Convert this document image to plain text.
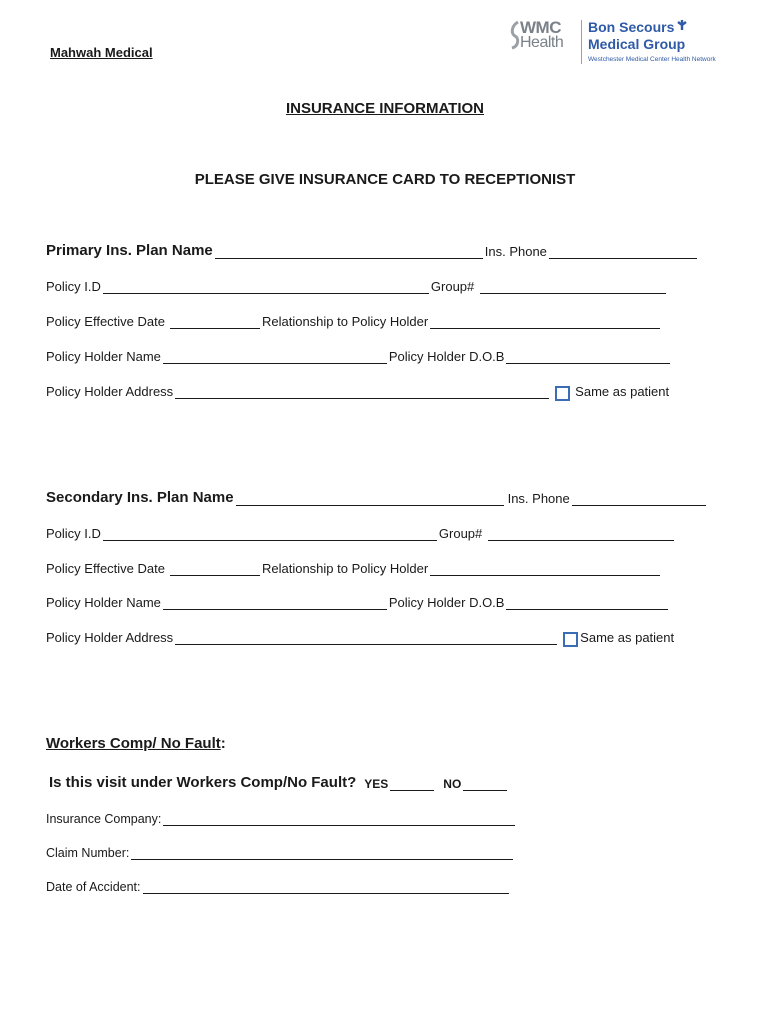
Mahwah Medical
WMC
Health
Bon Secours
Medical Group
Westchester Medical Center Health Network
INSURANCE INFORMATION
PLEASE GIVE INSURANCE CARD TO RECEPTIONIST
Primary Ins. Plan Name	Ins. Phone
Policy I.D	Group#
Policy Effective Date	Relationship to Policy Holder
Policy Holder Name	Policy Holder D.O.B
Policy Holder Address	Same as patient
Secondary Ins. Plan Name	Ins. Phone
Policy I.D	Group#
Policy Effective Date	Relationship to Policy Holder
Policy Holder Name	Policy Holder D.O.B
Policy Holder Address	Same as patient
Workers Comp/ No Fault:
Is this visit under Workers Comp/No Fault? YES	NO
Insurance Company:
Claim Number:
Date of Accident:
